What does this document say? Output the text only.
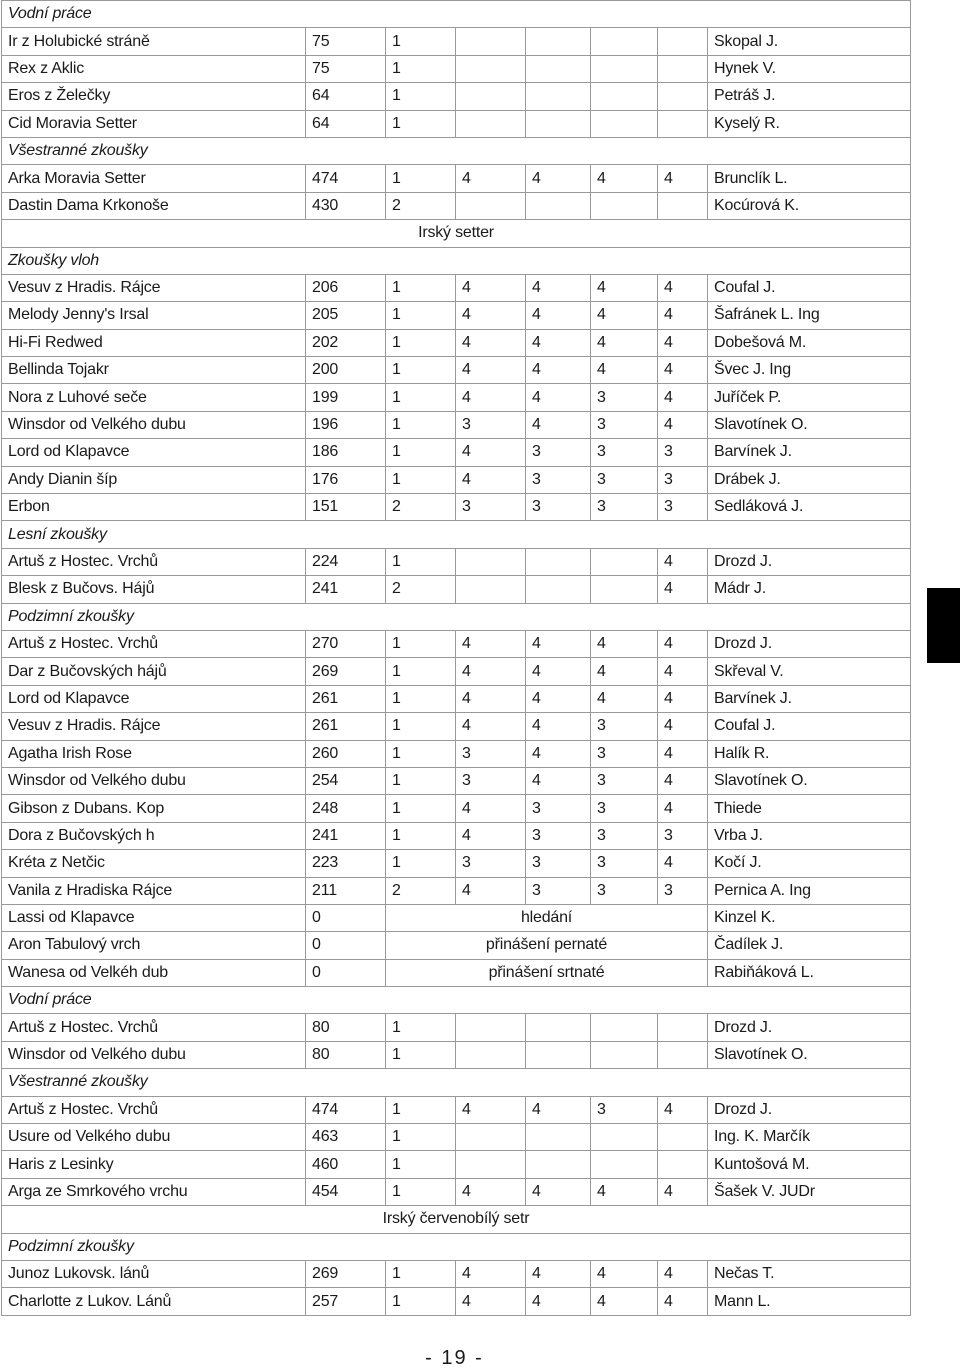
Vodní práce							
Ir z Holubické stráně	75	1					Skopal J.
Rex z Aklic	75	1					Hynek V.
Eros z Želečky	64	1					Petráš J.
Cid Moravia Setter	64	1					Kyselý R.
Všestranné zkoušky							
Arka Moravia Setter	474	1	4	4	4	4	Brunclík L.
Dastin Dama Krkonoše	430	2					Kocúrová K.
Irský setter							
Zkoušky vloh							
Vesuv z Hradis. Rájce	206	1	4	4	4	4	Coufal J.
Melody Jenny's Irsal	205	1	4	4	4	4	Šafránek L. Ing
Hi-Fi Redwed	202	1	4	4	4	4	Dobešová M.
Bellinda Tojakr	200	1	4	4	4	4	Švec J. Ing
Nora z Luhové seče	199	1	4	4	3	4	Juříček P.
Winsdor od Velkého dubu	196	1	3	4	3	4	Slavotínek O.
Lord od Klapavce	186	1	4	3	3	3	Barvínek J.
Andy Dianin šíp	176	1	4	3	3	3	Drábek J.
Erbon	151	2	3	3	3	3	Sedláková J.
Lesní zkoušky							
Artuš z Hostec. Vrchů	224	1				4	Drozd J.
Blesk z Bučovs. Hájů	241	2				4	Mádr J.
Podzimní zkoušky							
Artuš z Hostec. Vrchů	270	1	4	4	4	4	Drozd J.
Dar z Bučovských hájů	269	1	4	4	4	4	Skřeval V.
Lord od Klapavce	261	1	4	4	4	4	Barvínek J.
Vesuv z Hradis. Rájce	261	1	4	4	3	4	Coufal J.
Agatha Irish Rose	260	1	3	4	3	4	Halík R.
Winsdor od Velkého dubu	254	1	3	4	3	4	Slavotínek O.
Gibson z Dubans. Kop	248	1	4	3	3	4	Thiede
Dora z Bučovských h	241	1	4	3	3	3	Vrba J.
Kréta z Netčic	223	1	3	3	3	4	Kočí J.
Vanila z Hradiska Rájce	211	2	4	3	3	3	Pernica A. Ing
Lassi od Klapavce	0	hledání					Kinzel K.
Aron Tabulový vrch	0	přinášení pernaté					Čadílek J.
Wanesa od Velkéh dub	0	přinášení srtnaté					Rabiňáková L.
Vodní práce							
Artuš z Hostec. Vrchů	80	1					Drozd J.
Winsdor od Velkého dubu	80	1					Slavotínek O.
Všestranné zkoušky							
Artuš z Hostec. Vrchů	474	1	4	4	3	4	Drozd J.
Usure od Velkého dubu	463	1					Ing. K. Marčík
Haris z Lesinky	460	1					Kuntošová M.
Arga ze Smrkového vrchu	454	1	4	4	4	4	Šašek V. JUDr
Irský červenobílý setr							
Podzimní zkoušky							
Junoz Lukovsk. lánů	269	1	4	4	4	4	Nečas T.
Charlotte z Lukov. Lánů	257	1	4	4	4	4	Mann L.
- 19 -
